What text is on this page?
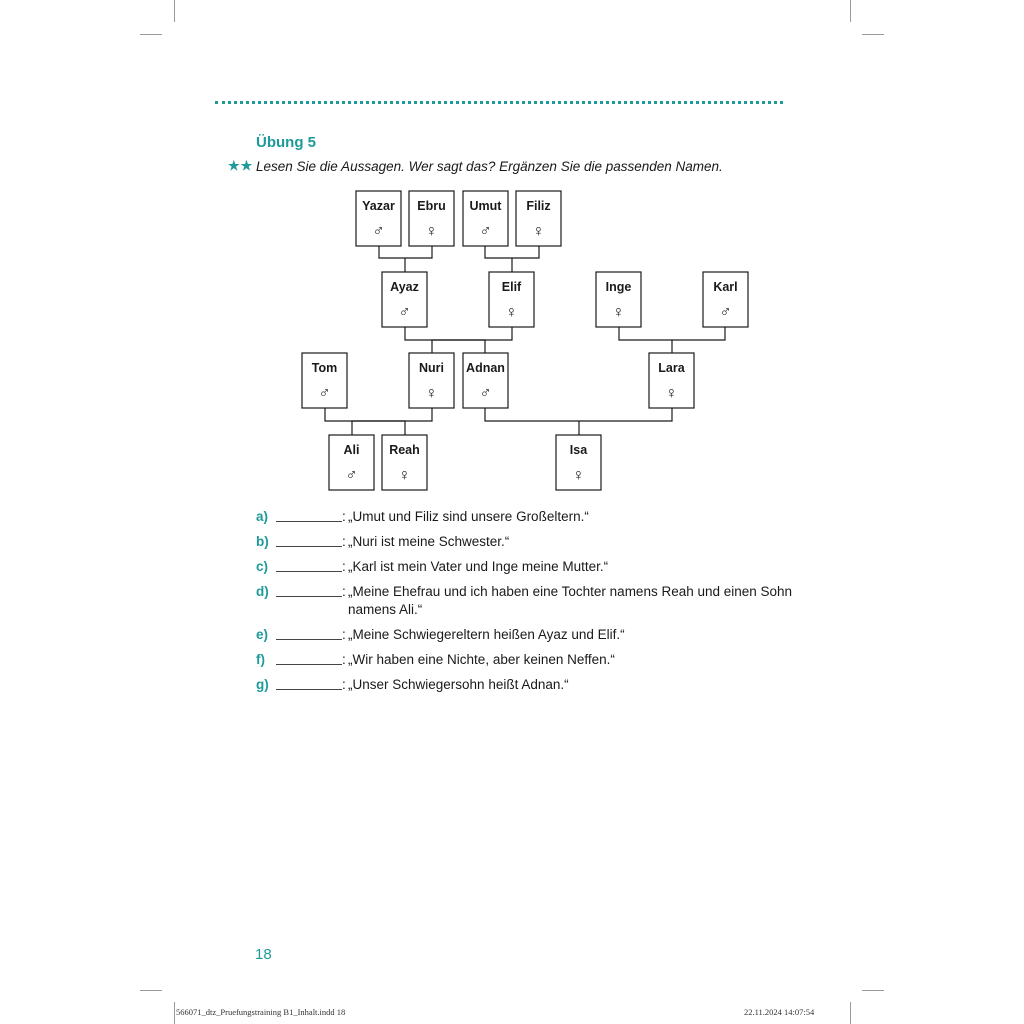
Übung 5
★★ Lesen Sie die Aussagen. Wer sagt das? Ergänzen Sie die passenden Namen.
Yazar
♂
Ebru
♀
Umut
♂
Filiz
♀
Ayaz
♂
Elif
♀
Inge
♀
Karl
♂
Tom
♂
Nuri
♀
Adnan
♂
Lara
♀
Ali
♂
Reah
♀
Isa
♀
a)	: „Umut und Filiz sind unsere Großeltern.“
b)	: „Nuri ist meine Schwester.“
c)	: „Karl ist mein Vater und Inge meine Mutter.“
d)	: „Meine Ehefrau und ich haben eine Tochter namens Reah und einen Sohn namens Ali.“
e)	: „Meine Schwiegereltern heißen Ayaz und Elif.“
f)	: „Wir haben eine Nichte, aber keinen Neffen.“
g)	: „Unser Schwiegersohn heißt Adnan.“
18
566071_dtz_Pruefungstraining B1_Inhalt.indd 18	22.11.2024 14:07:54
